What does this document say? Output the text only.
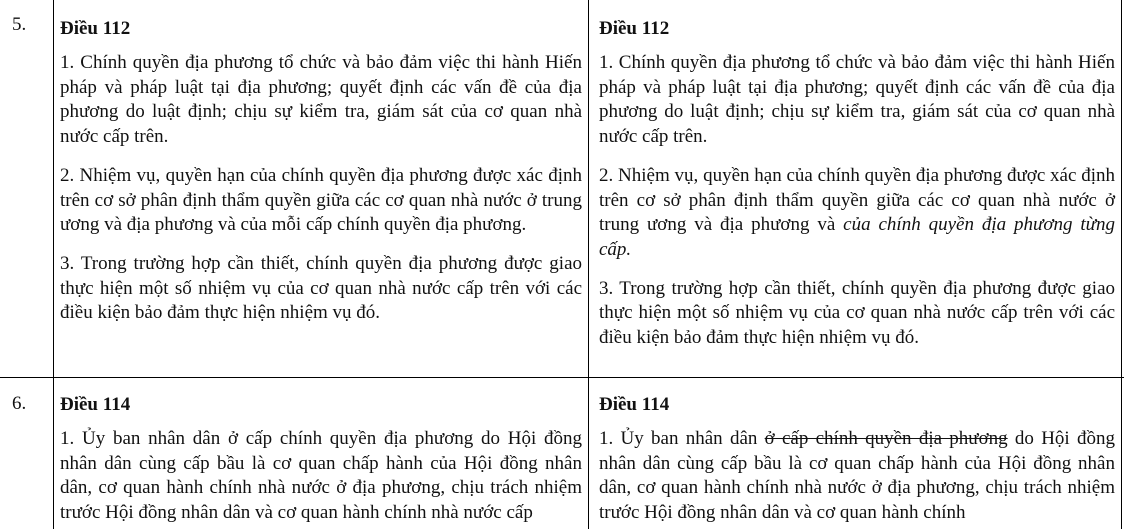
5. Điều 112

1. Chính quyền địa phương tổ chức và bảo đảm việc thi hành Hiến pháp và pháp luật tại địa phương; quyết định các vấn đề của địa phương do luật định; chịu sự kiểm tra, giám sát của cơ quan nhà nước cấp trên.

2. Nhiệm vụ, quyền hạn của chính quyền địa phương được xác định trên cơ sở phân định thẩm quyền giữa các cơ quan nhà nước ở trung ương và địa phương và của mỗi cấp chính quyền địa phương.

3. Trong trường hợp cần thiết, chính quyền địa phương được giao thực hiện một số nhiệm vụ của cơ quan nhà nước cấp trên với các điều kiện bảo đảm thực hiện nhiệm vụ đó.

Điều 112

1. Chính quyền địa phương tổ chức và bảo đảm việc thi hành Hiến pháp và pháp luật tại địa phương; quyết định các vấn đề của địa phương do luật định; chịu sự kiểm tra, giám sát của cơ quan nhà nước cấp trên.

2. Nhiệm vụ, quyền hạn của chính quyền địa phương được xác định trên cơ sở phân định thẩm quyền giữa các cơ quan nhà nước ở trung ương và địa phương và của chính quyền địa phương từng cấp.

3. Trong trường hợp cần thiết, chính quyền địa phương được giao thực hiện một số nhiệm vụ của cơ quan nhà nước cấp trên với các điều kiện bảo đảm thực hiện nhiệm vụ đó.

6. Điều 114

1. Ủy ban nhân dân ở cấp chính quyền địa phương do Hội đồng nhân dân cùng cấp bầu là cơ quan chấp hành của Hội đồng nhân dân, cơ quan hành chính nhà nước ở địa phương, chịu trách nhiệm trước Hội đồng nhân dân và cơ quan hành chính nhà nước cấp

Điều 114

1. Ủy ban nhân dân ở cấp chính quyền địa phương do Hội đồng nhân dân cùng cấp bầu là cơ quan chấp hành của Hội đồng nhân dân, cơ quan hành chính nhà nước ở địa phương, chịu trách nhiệm trước Hội đồng nhân dân và cơ quan hành chính
